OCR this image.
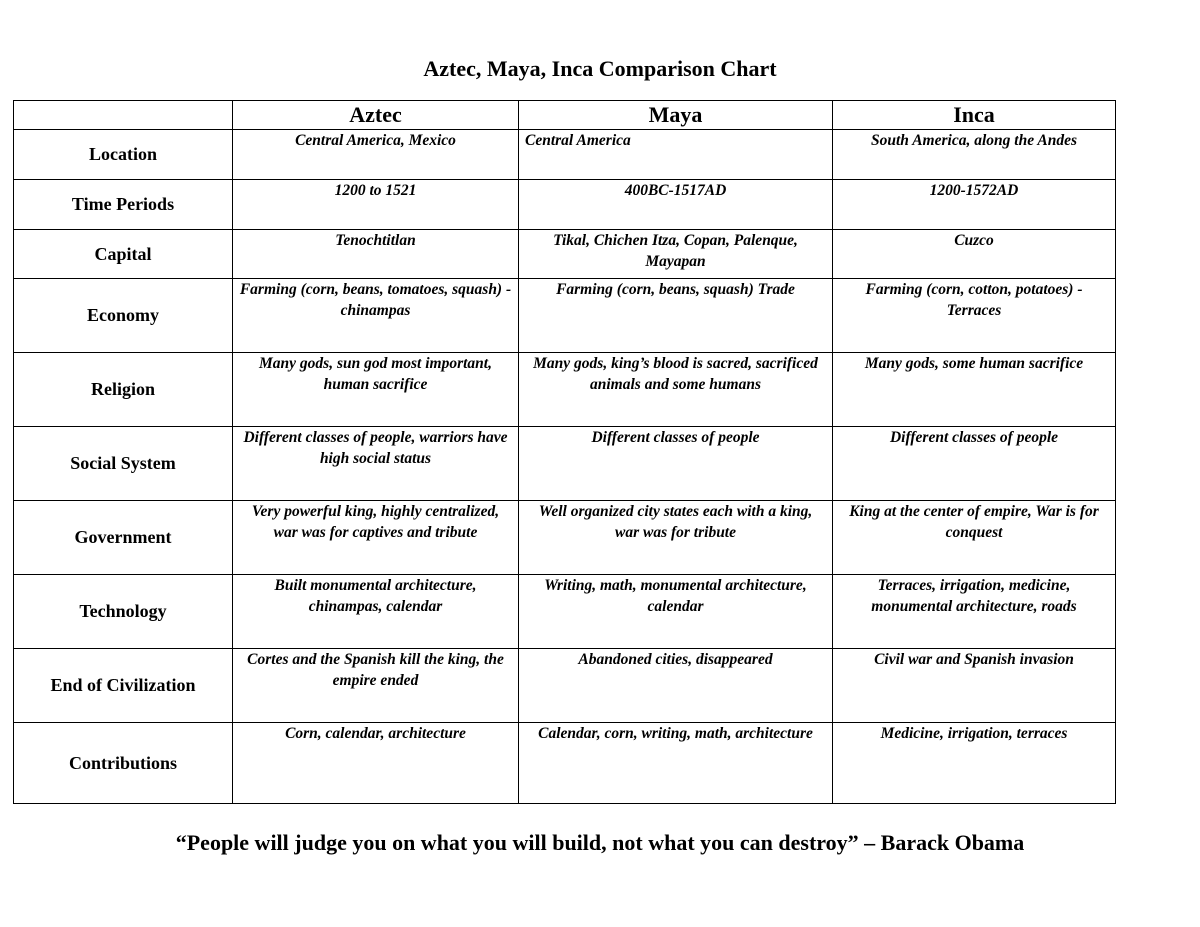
Aztec, Maya, Inca Comparison Chart
	Aztec	Maya	Inca
Location	Central America, Mexico	Central America	South America, along the Andes
Time Periods	1200 to 1521	400BC-1517AD	1200-1572AD
Capital	Tenochtitlan	Tikal, Chichen Itza, Copan, Palenque, Mayapan	Cuzco
Economy	Farming (corn, beans, tomatoes, squash) - chinampas	Farming (corn, beans, squash) Trade	Farming (corn, cotton, potatoes) - Terraces
Religion	Many gods, sun god most important, human sacrifice	Many gods, king’s blood is sacred, sacrificed animals and some humans	Many gods, some human sacrifice
Social System	Different classes of people, warriors have high social status	Different classes of people	Different classes of people
Government	Very powerful king, highly centralized, war was for captives and tribute	Well organized city states each with a king, war was for tribute	King at the center of empire, War is for conquest
Technology	Built monumental architecture, chinampas, calendar	Writing, math, monumental architecture, calendar	Terraces, irrigation, medicine, monumental architecture, roads
End of Civilization	Cortes and the Spanish kill the king, the empire ended	Abandoned cities, disappeared	Civil war and Spanish invasion
Contributions	Corn, calendar, architecture	Calendar, corn, writing, math, architecture	Medicine, irrigation, terraces
“People will judge you on what you will build, not what you can destroy” – Barack Obama
